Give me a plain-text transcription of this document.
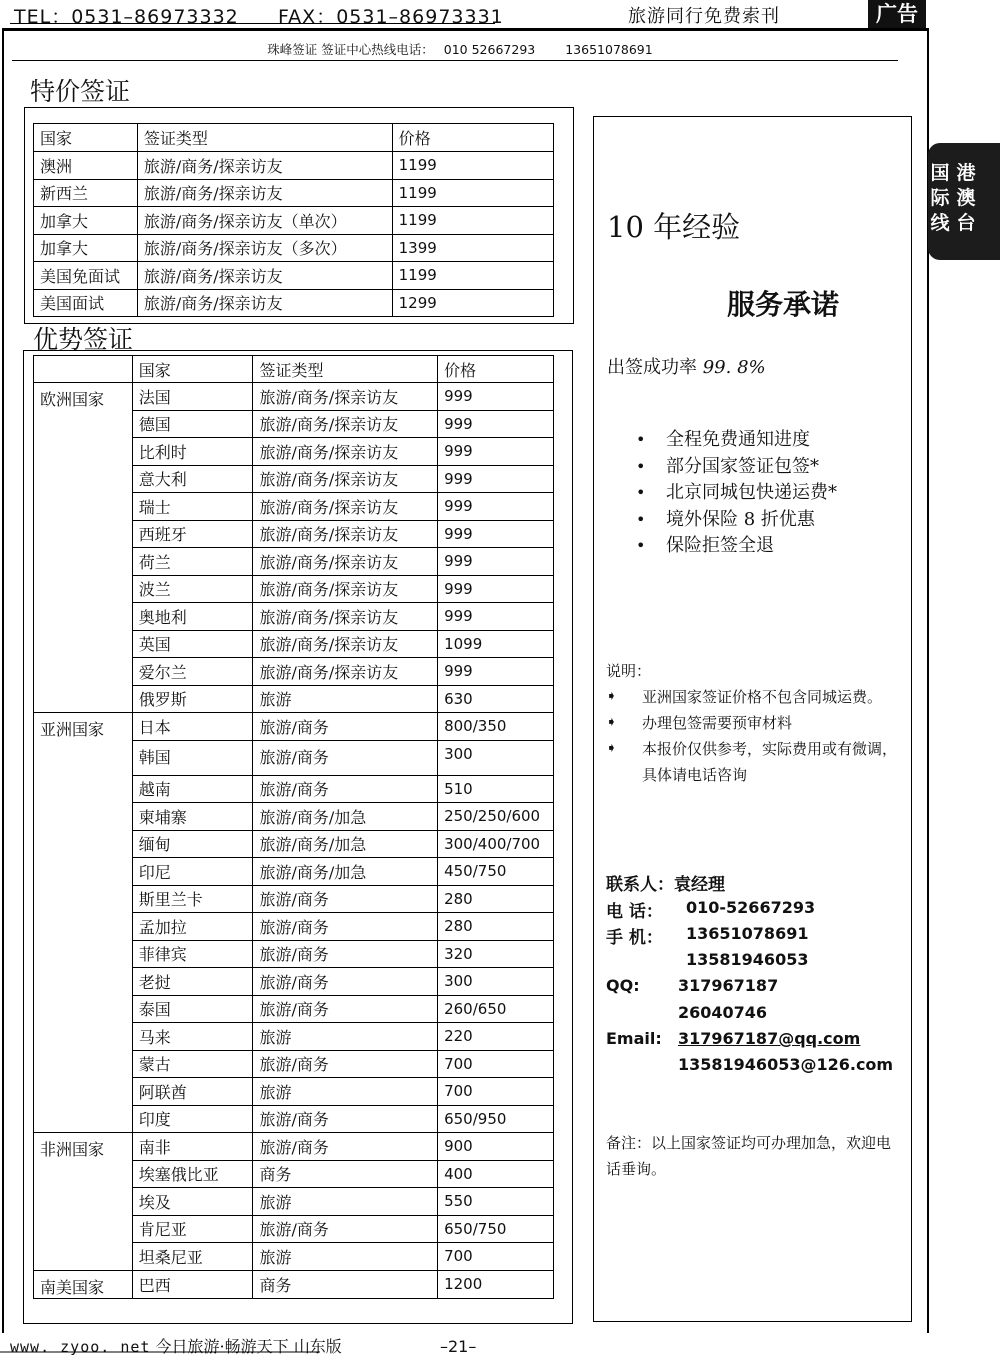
TEL：0531–86973332 FAX：0531–86973331	旅游同行免费索刊	广告
珠峰签证 签证中心热线电话： 010 52667293 13651078691
国际线
港澳台
特价签证
国家	签证类型	价格
澳洲	旅游/商务/探亲访友	1199
新西兰	旅游/商务/探亲访友	1199
加拿大	旅游/商务/探亲访友（单次）	1199
加拿大	旅游/商务/探亲访友（多次）	1399
美国免面试	旅游/商务/探亲访友	1199
美国面试	旅游/商务/探亲访友	1299
优势签证
	国家	签证类型	价格
欧洲国家	法国	旅游/商务/探亲访友	999
	德国	旅游/商务/探亲访友	999
	比利时	旅游/商务/探亲访友	999
	意大利	旅游/商务/探亲访友	999
	瑞士	旅游/商务/探亲访友	999
	西班牙	旅游/商务/探亲访友	999
	荷兰	旅游/商务/探亲访友	999
	波兰	旅游/商务/探亲访友	999
	奥地利	旅游/商务/探亲访友	999
	英国	旅游/商务/探亲访友	1099
	爱尔兰	旅游/商务/探亲访友	999
	俄罗斯	旅游	630
亚洲国家	日本	旅游/商务	800/350
	韩国	旅游/商务	300
	越南	旅游/商务	510
	柬埔寨	旅游/商务/加急	250/250/600
	缅甸	旅游/商务/加急	300/400/700
	印尼	旅游/商务/加急	450/750
	斯里兰卡	旅游/商务	280
	孟加拉	旅游/商务	280
	菲律宾	旅游/商务	320
	老挝	旅游/商务	300
	泰国	旅游/商务	260/650
	马来	旅游	220
	蒙古	旅游/商务	700
	阿联酋	旅游	700
	印度	旅游/商务	650/950
非洲国家	南非	旅游/商务	900
	埃塞俄比亚	商务	400
	埃及	旅游	550
	肯尼亚	旅游/商务	650/750
	坦桑尼亚	旅游	700
南美国家	巴西	商务	1200
10 年经验
服务承诺
出签成功率 99. 8%
• 全程免费通知进度
• 部分国家签证包签*
• 北京同城包快递运费*
• 境外保险 8 折优惠
• 保险拒签全退
说明：
➧ 亚洲国家签证价格不包含同城运费。
➧ 办理包签需要预审材料
➧ 本报价仅供参考，实际费用或有微调，具体请电话咨询
联系人：袁经理
电 话： 010-52667293
手 机： 13651078691
13581946053
QQ: 317967187
26040746
Email: 317967187@qq.com
13581946053@126.com
备注：以上国家签证均可办理加急，欢迎电话垂询。
www. zyoo. net 今日旅游·畅游天下 山东版	–21–
